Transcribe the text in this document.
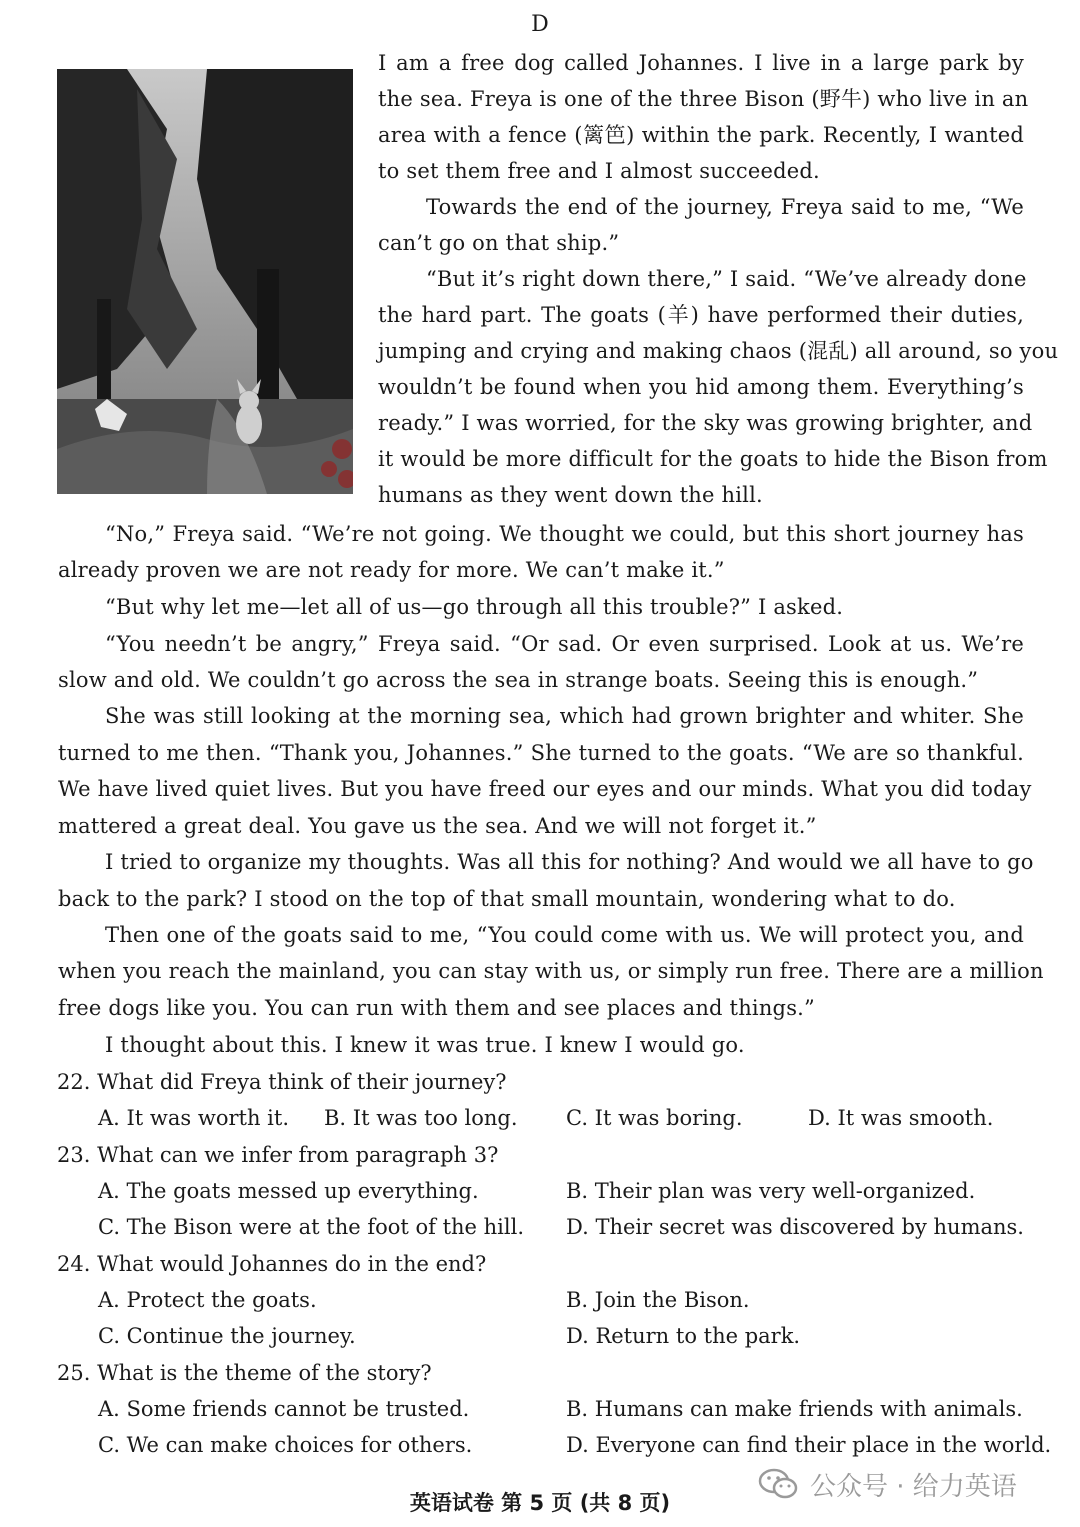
D
I am a free dog called Johannes. I live in a large park by
the sea. Freya is one of the three Bison (野牛) who live in an
area with a fence (篱笆) within the park. Recently, I wanted
to set them free and I almost succeeded.
Towards the end of the journey, Freya said to me, “We
can’t go on that ship.”
“But it’s right down there,” I said. “We’ve already done
the hard part. The goats (羊) have performed their duties,
jumping and crying and making chaos (混乱) all around, so you
wouldn’t be found when you hid among them. Everything’s
ready.” I was worried, for the sky was growing brighter, and
it would be more difficult for the goats to hide the Bison from
humans as they went down the hill.
“No,” Freya said. “We’re not going. We thought we could, but this short journey has
already proven we are not ready for more. We can’t make it.”
“But why let me—let all of us—go through all this trouble?” I asked.
“You needn’t be angry,” Freya said. “Or sad. Or even surprised. Look at us. We’re
slow and old. We couldn’t go across the sea in strange boats. Seeing this is enough.”
She was still looking at the morning sea, which had grown brighter and whiter. She
turned to me then. “Thank you, Johannes.” She turned to the goats. “We are so thankful.
We have lived quiet lives. But you have freed our eyes and our minds. What you did today
mattered a great deal. You gave us the sea. And we will not forget it.”
I tried to organize my thoughts. Was all this for nothing? And would we all have to go
back to the park? I stood on the top of that small mountain, wondering what to do.
Then one of the goats said to me, “You could come with us. We will protect you, and
when you reach the mainland, you can stay with us, or simply run free. There are a million
free dogs like you. You can run with them and see places and things.”
I thought about this. I knew it was true. I knew I would go.
22. What did Freya think of their journey?
A. It was worth it. B. It was too long. C. It was boring.	D. It was smooth.
23. What can we infer from paragraph 3?
A. The goats messed up everything.	B. Their plan was very well-organized.
C. The Bison were at the foot of the hill. D. Their secret was discovered by humans.
24. What would Johannes do in the end?
A. Protect the goats.	B. Join the Bison.
C. Continue the journey.	D. Return to the park.
25. What is the theme of the story?
A. Some friends cannot be trusted.	B. Humans can make friends with animals.
C. We can make choices for others.	D. Everyone can find their place in the world.
英语试卷 第 5 页 (共 8 页)
公众号 · 给力英语
